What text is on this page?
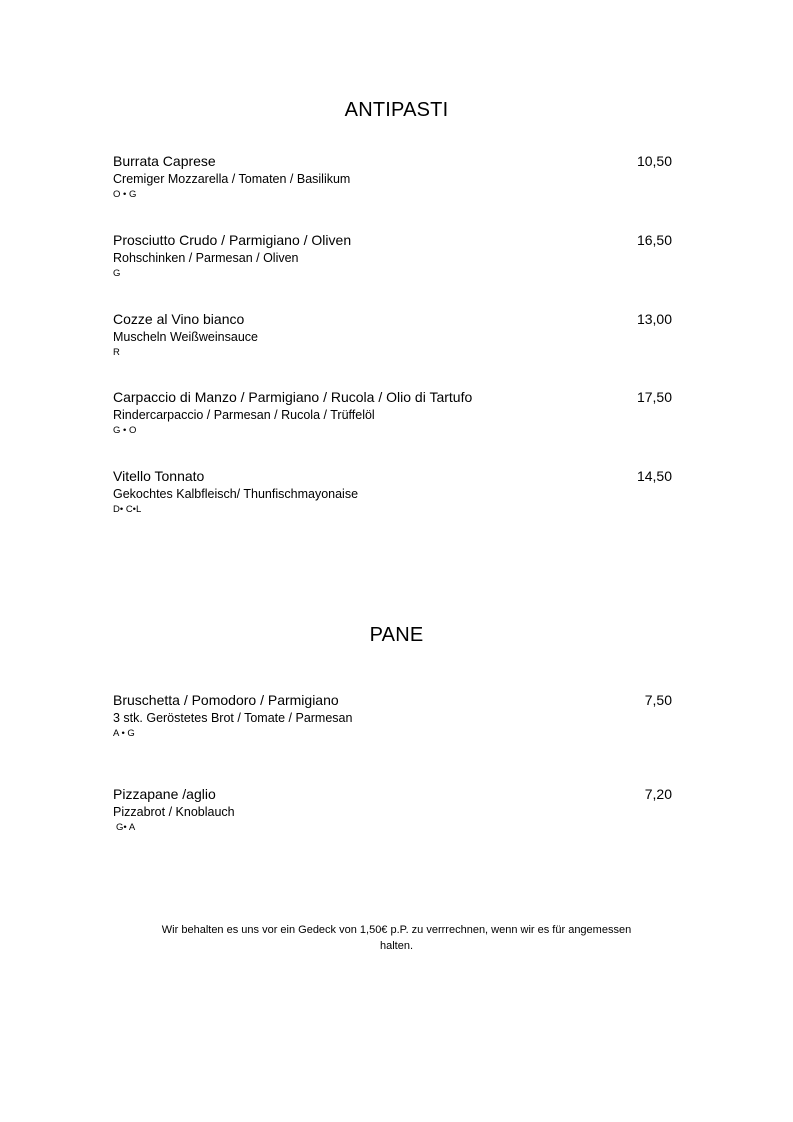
ANTIPASTI
Burrata Caprese	10,50
Cremiger Mozzarella / Tomaten / Basilikum
O • G
Prosciutto Crudo / Parmigiano / Oliven	16,50
Rohschinken / Parmesan / Oliven
G
Cozze al Vino bianco	13,00
Muscheln Weißweinsauce
R
Carpaccio di Manzo / Parmigiano / Rucola / Olio di Tartufo	17,50
Rindercarpaccio / Parmesan / Rucola / Trüffelöl
G • O
Vitello Tonnato	14,50
Gekochtes Kalbfleisch/ Thunfischmayonaise
D• C•L
PANE
Bruschetta / Pomodoro / Parmigiano	7,50
3 stk. Geröstetes Brot / Tomate / Parmesan
A • G
Pizzapane /aglio	7,20
Pizzabrot / Knoblauch
G• A
Wir behalten es uns vor ein Gedeck von 1,50€ p.P. zu verrrechnen, wenn wir es für angemessen
halten.
